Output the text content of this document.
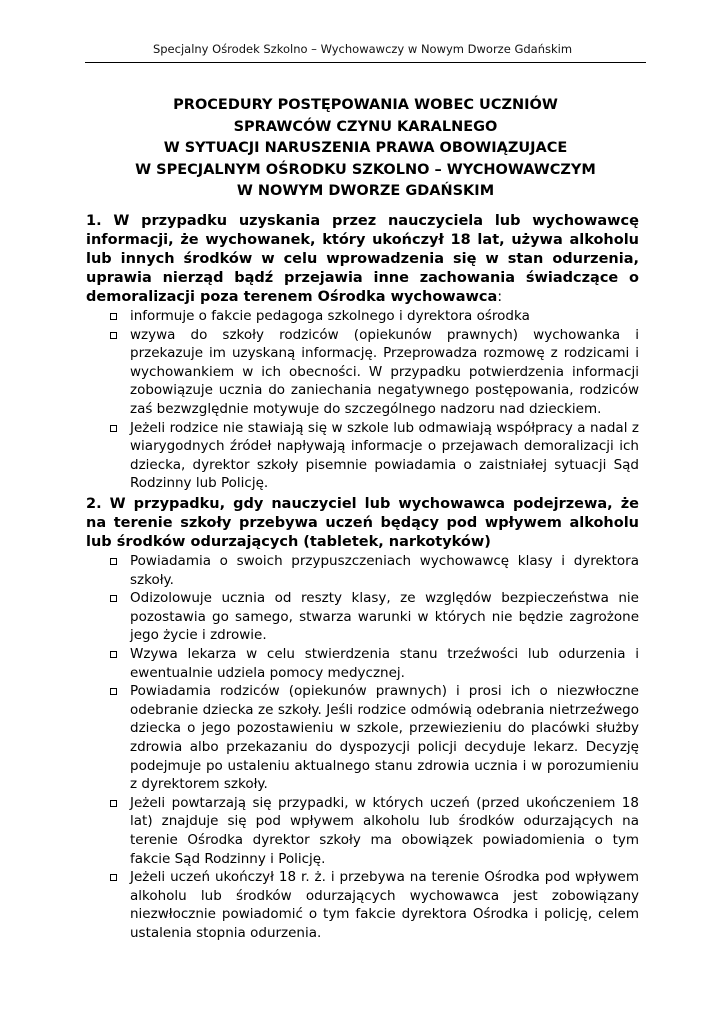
Specjalny Ośrodek Szkolno – Wychowawczy w Nowym Dworze Gdańskim
PROCEDURY POSTĘPOWANIA WOBEC UCZNIÓW
SPRAWCÓW CZYNU KARALNEGO
W SYTUACJI NARUSZENIA PRAWA OBOWIĄZUJACE
W SPECJALNYM OŚRODKU SZKOLNO – WYCHOWAWCZYM
W NOWYM DWORZE GDAŃSKIM
1. W przypadku uzyskania przez nauczyciela lub wychowawcę informacji, że wychowanek, który ukończył 18 lat, używa alkoholu lub innych środków w celu wprowadzenia się w stan odurzenia, uprawia nierząd bądź przejawia inne zachowania świadczące o demoralizacji poza terenem Ośrodka wychowawca:
informuje o fakcie pedagoga szkolnego i dyrektora ośrodka
wzywa do szkoły rodziców (opiekunów prawnych) wychowanka i przekazuje im uzyskaną informację. Przeprowadza rozmowę z rodzicami i wychowankiem w ich obecności. W przypadku potwierdzenia informacji zobowiązuje ucznia do zaniechania negatywnego postępowania, rodziców zaś bezwzględnie motywuje do szczególnego nadzoru nad dzieckiem.
Jeżeli rodzice nie stawiają się w szkole lub odmawiają współpracy a nadal z wiarygodnych źródeł napływają informacje o przejawach demoralizacji ich dziecka, dyrektor szkoły pisemnie powiadamia o zaistniałej sytuacji Sąd Rodzinny lub Policję.
2. W przypadku, gdy nauczyciel lub wychowawca podejrzewa, że na terenie szkoły przebywa uczeń będący pod wpływem alkoholu lub środków odurzających (tabletek, narkotyków)
Powiadamia o swoich przypuszczeniach wychowawcę klasy i dyrektora szkoły.
Odizolowuje ucznia od reszty klasy, ze względów bezpieczeństwa nie pozostawia go samego, stwarza warunki w których nie będzie zagrożone jego życie i zdrowie.
Wzywa lekarza w celu stwierdzenia stanu trzeźwości lub odurzenia i ewentualnie udziela pomocy medycznej.
Powiadamia rodziców (opiekunów prawnych) i prosi ich o niezwłoczne odebranie dziecka ze szkoły. Jeśli rodzice odmówią odebrania nietrzeźwego dziecka o jego pozostawieniu w szkole, przewiezieniu do placówki służby zdrowia albo przekazaniu do dyspozycji policji decyduje lekarz. Decyzję podejmuje po ustaleniu aktualnego stanu zdrowia ucznia i w porozumieniu z dyrektorem szkoły.
Jeżeli powtarzają się przypadki, w których uczeń (przed ukończeniem 18 lat) znajduje się pod wpływem alkoholu lub środków odurzających na terenie Ośrodka dyrektor szkoły ma obowiązek powiadomienia o tym fakcie Sąd Rodzinny i Policję.
Jeżeli uczeń ukończył 18 r. ż. i przebywa na terenie Ośrodka pod wpływem alkoholu lub środków odurzających wychowawca jest zobowiązany niezwłocznie powiadomić o tym fakcie dyrektora Ośrodka i policję, celem ustalenia stopnia odurzenia.
